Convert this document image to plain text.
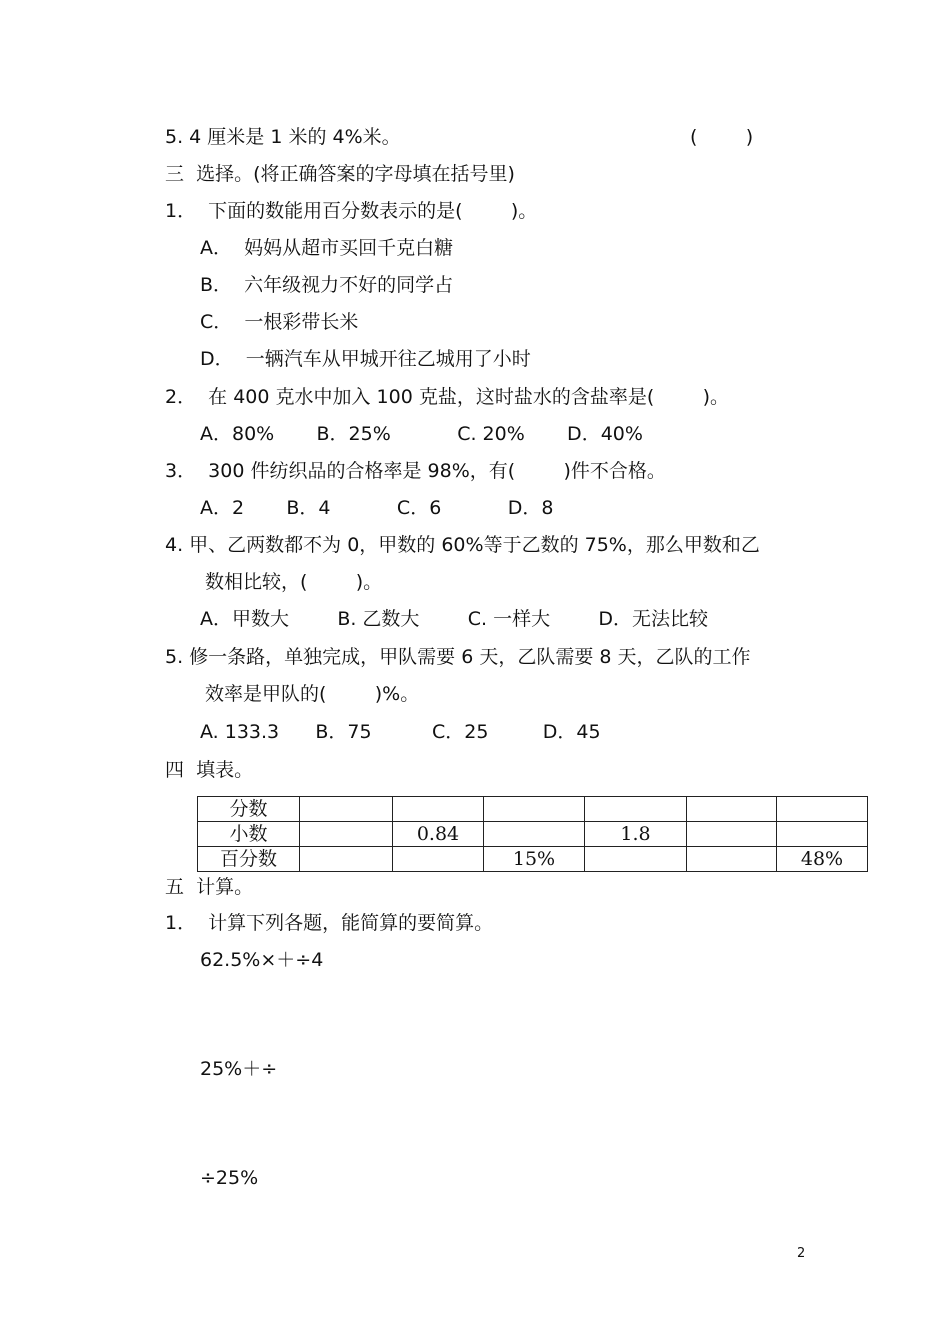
5. 4 厘米是 1 米的 4%米。	(        )
三  选择。(将正确答案的字母填在括号里)
1．  下面的数能用百分数表示的是(        )。
A．  妈妈从超市买回千克白糖
B．  六年级视力不好的同学占
C．  一根彩带长米
D．  一辆汽车从甲城开往乙城用了小时
2．  在 400 克水中加入 100 克盐，这时盐水的含盐率是(        )。
A．80%       B．25%           C. 20%       D．40%
3．  300 件纺织品的合格率是 98%，有(        )件不合格。
A．2       B．4           C．6           D．8
4. 甲、乙两数都不为 0，甲数的 60%等于乙数的 75%，那么甲数和乙
数相比较，(        )。
A．甲数大        B. 乙数大        C. 一样大        D．无法比较
5. 修一条路，单独完成，甲队需要 6 天，乙队需要 8 天，乙队的工作
效率是甲队的(        )%。
A. 133.3      B．75          C．25         D．45
四  填表。
分数						
小数		0.84		1.8		
百分数			15%			48%
五  计算。
1．  计算下列各题，能简算的要简算。
62.5%×＋÷4
25%＋÷
÷25%
2
